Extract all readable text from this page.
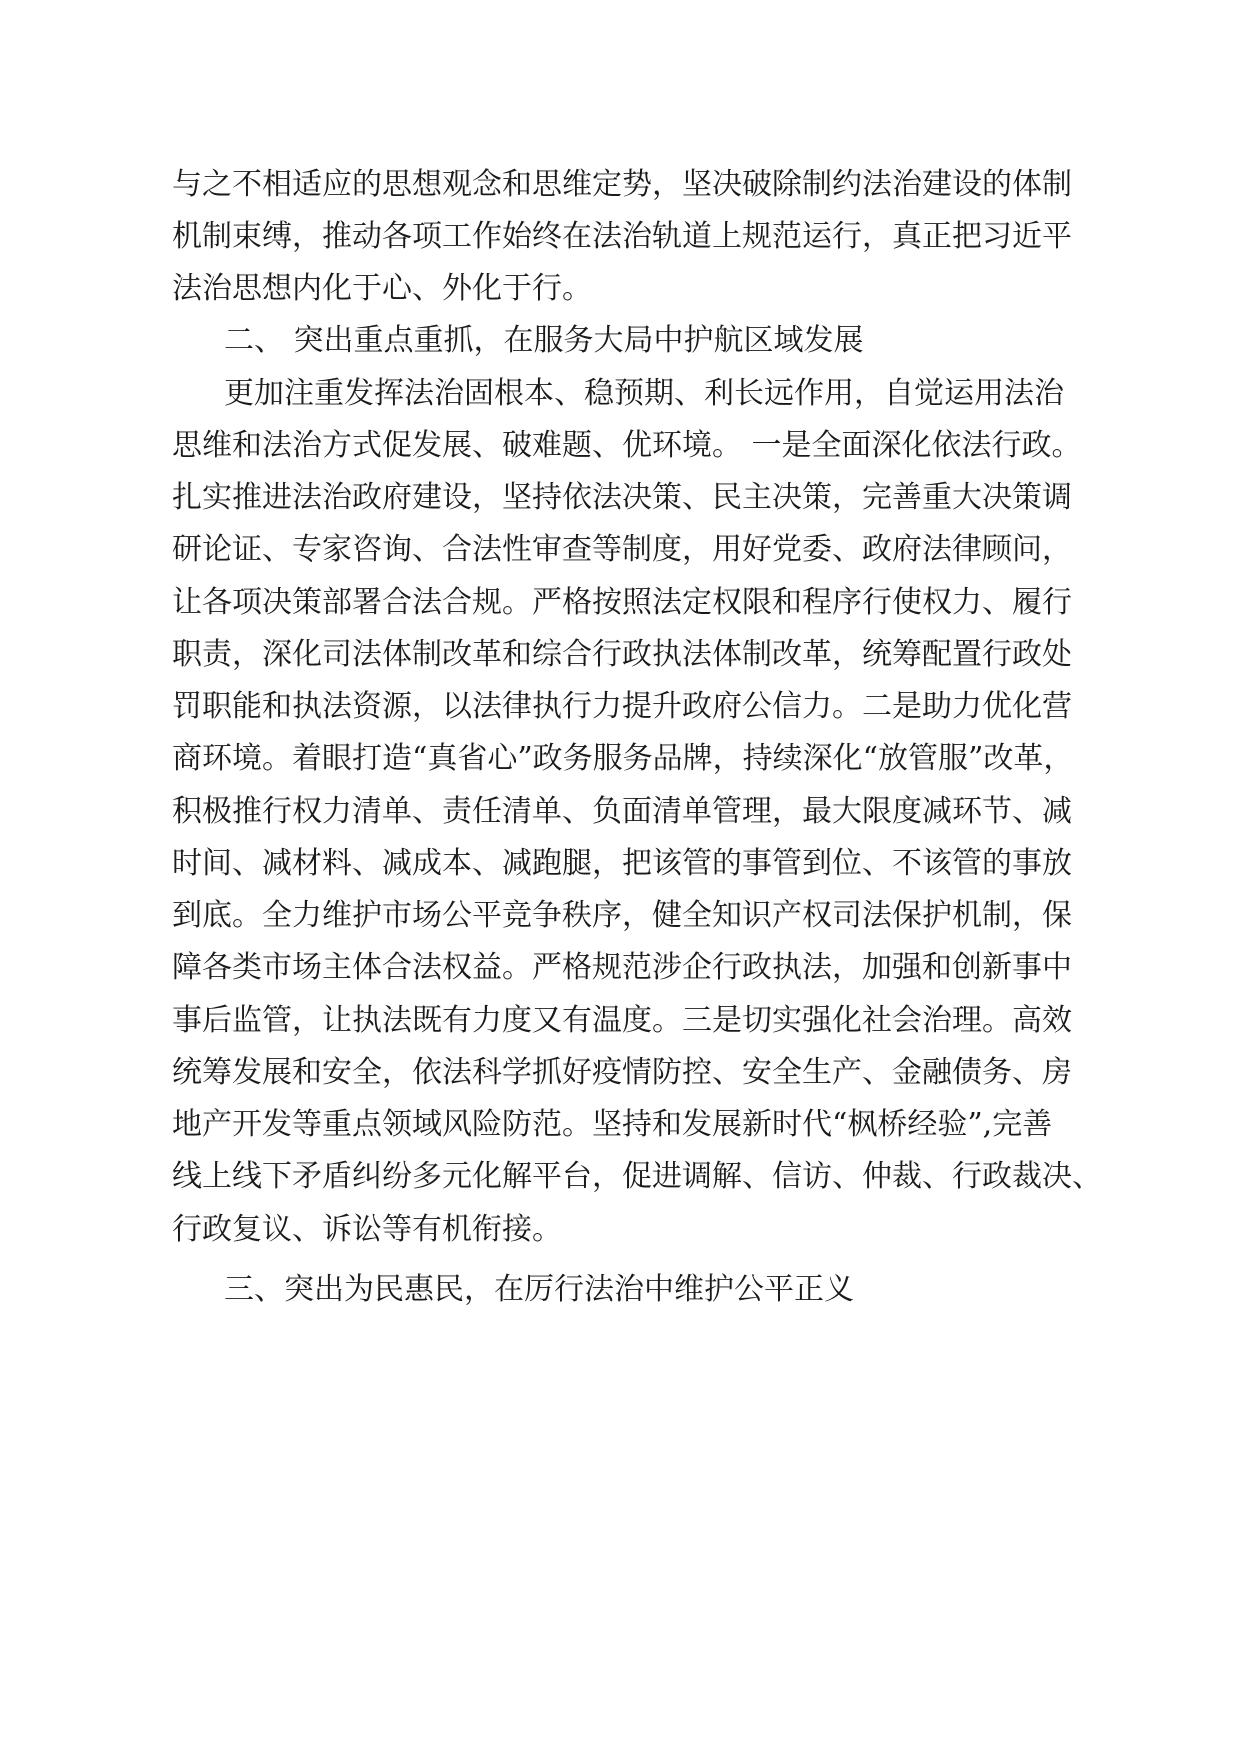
与之不相适应的思想观念和思维定势，坚决破除制约法治建设的体制
机制束缚，推动各项工作始终在法治轨道上规范运行，真正把习近平
法治思想内化于心、外化于行。
二、 突出重点重抓，在服务大局中护航区域发展
更加注重发挥法治固根本、稳预期、利长远作用，自觉运用法治
思维和法治方式促发展、破难题、优环境。 一是全面深化依法行政。
扎实推进法治政府建设，坚持依法决策、民主决策，完善重大决策调
研论证、专家咨询、合法性审查等制度，用好党委、政府法律顾问，
让各项决策部署合法合规。严格按照法定权限和程序行使权力、履行
职责，深化司法体制改革和综合行政执法体制改革，统筹配置行政处
罚职能和执法资源，以法律执行力提升政府公信力。二是助力优化营
商环境。着眼打造“真省心”政务服务品牌，持续深化“放管服”改革，
积极推行权力清单、责任清单、负面清单管理，最大限度减环节、减
时间、减材料、减成本、减跑腿，把该管的事管到位、不该管的事放
到底。全力维护市场公平竞争秩序，健全知识产权司法保护机制，保
障各类市场主体合法权益。严格规范涉企行政执法，加强和创新事中
事后监管，让执法既有力度又有温度。三是切实强化社会治理。高效
统筹发展和安全，依法科学抓好疫情防控、安全生产、金融债务、房
地产开发等重点领域风险防范。坚持和发展新时代“枫桥经验”,完善
线上线下矛盾纠纷多元化解平台，促进调解、信访、仲裁、行政裁决、
行政复议、诉讼等有机衔接。
三、突出为民惠民，在厉行法治中维护公平正义
